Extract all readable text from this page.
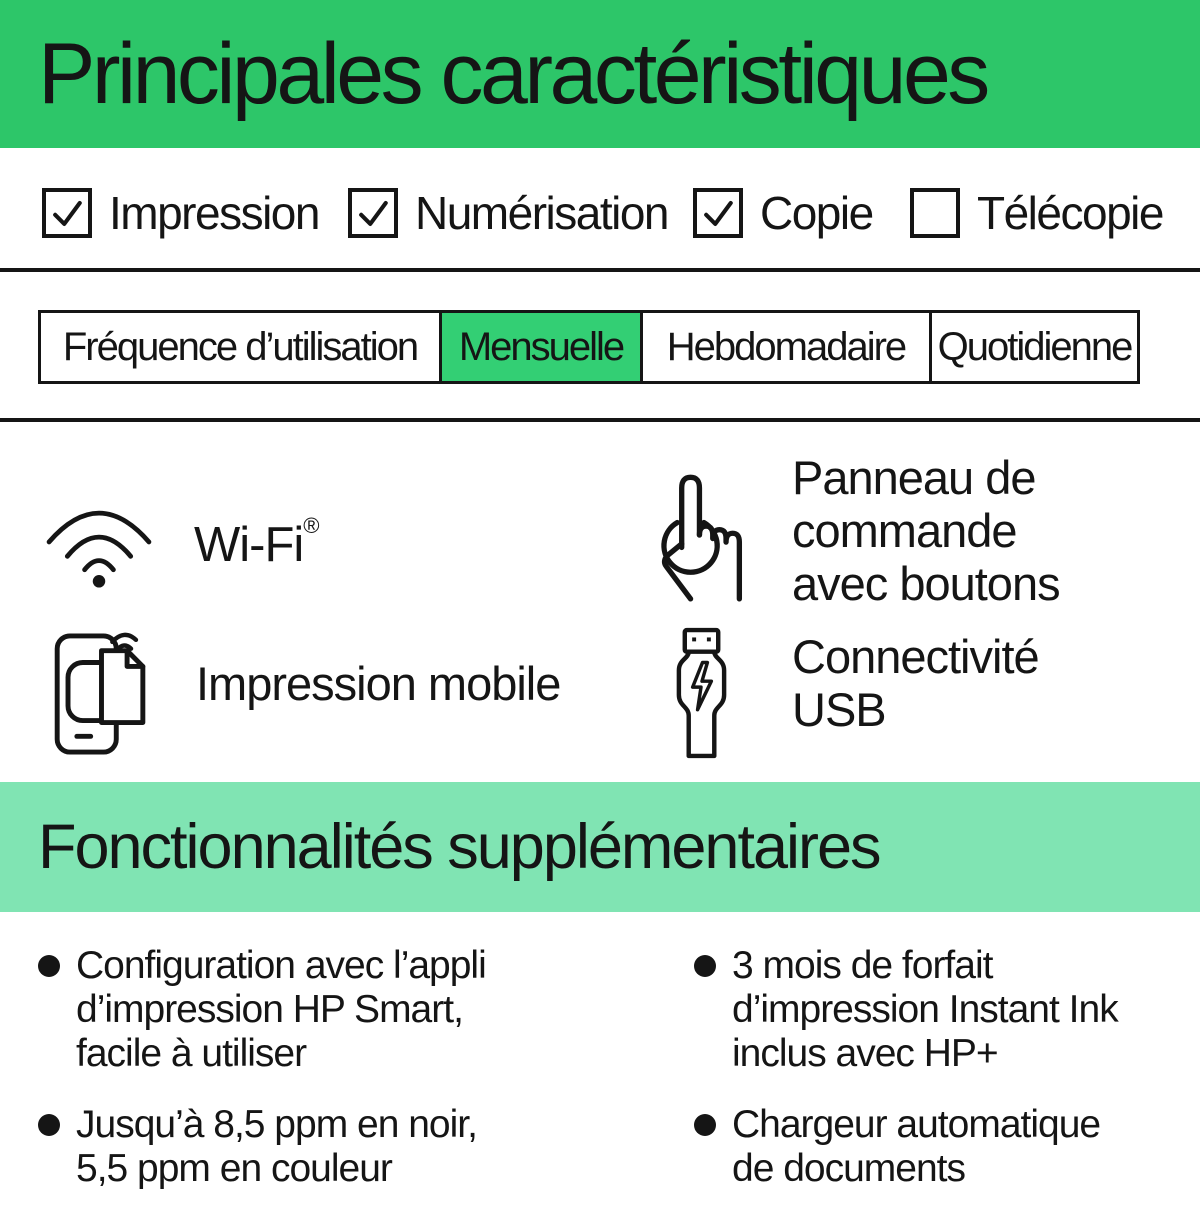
Principales caractéristiques
Impression Numérisation Copie Télécopie
Fréquence d’utilisation Mensuelle Hebdomadaire Quotidienne
Wi-Fi®
Panneau de
commande
avec boutons
Impression mobile
Connectivité
USB
Fonctionnalités supplémentaires
Configuration avec l’appli
d’impression HP Smart,
facile à utiliser
Jusqu’à 8,5 ppm en noir,
5,5 ppm en couleur
3 mois de forfait
d’impression Instant Ink
inclus avec HP+
Chargeur automatique
de documents
